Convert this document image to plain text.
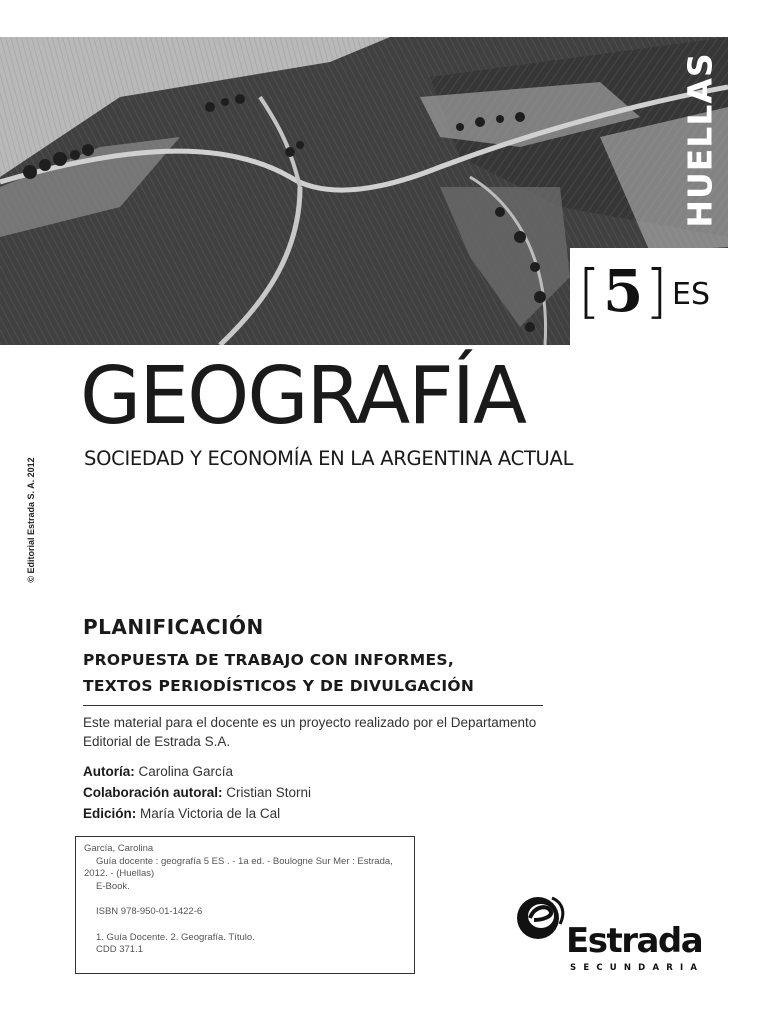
HUELLAS
[ 5 ] ES
© Editorial Estrada S. A. 2012
GEOGRAFÍA
SOCIEDAD Y ECONOMÍA EN LA ARGENTINA ACTUAL
PLANIFICACIÓN
PROPUESTA DE TRABAJO CON INFORMES,
TEXTOS PERIODÍSTICOS Y DE DIVULGACIÓN
Este material para el docente es un proyecto realizado por el Departamento Editorial de Estrada S.A.
Autoría: Carolina García
Colaboración autoral: Cristian Storni
Edición: María Victoria de la Cal
García, Carolina
Guía docente : geografía 5 ES . - 1a ed. - Boulogne Sur Mer : Estrada,
2012. - (Huellas)
E-Book.
ISBN 978-950-01-1422-6
1. Guía Docente. 2. Geografía. Título.
CDD 371.1	Estrada
SECUNDARIA
